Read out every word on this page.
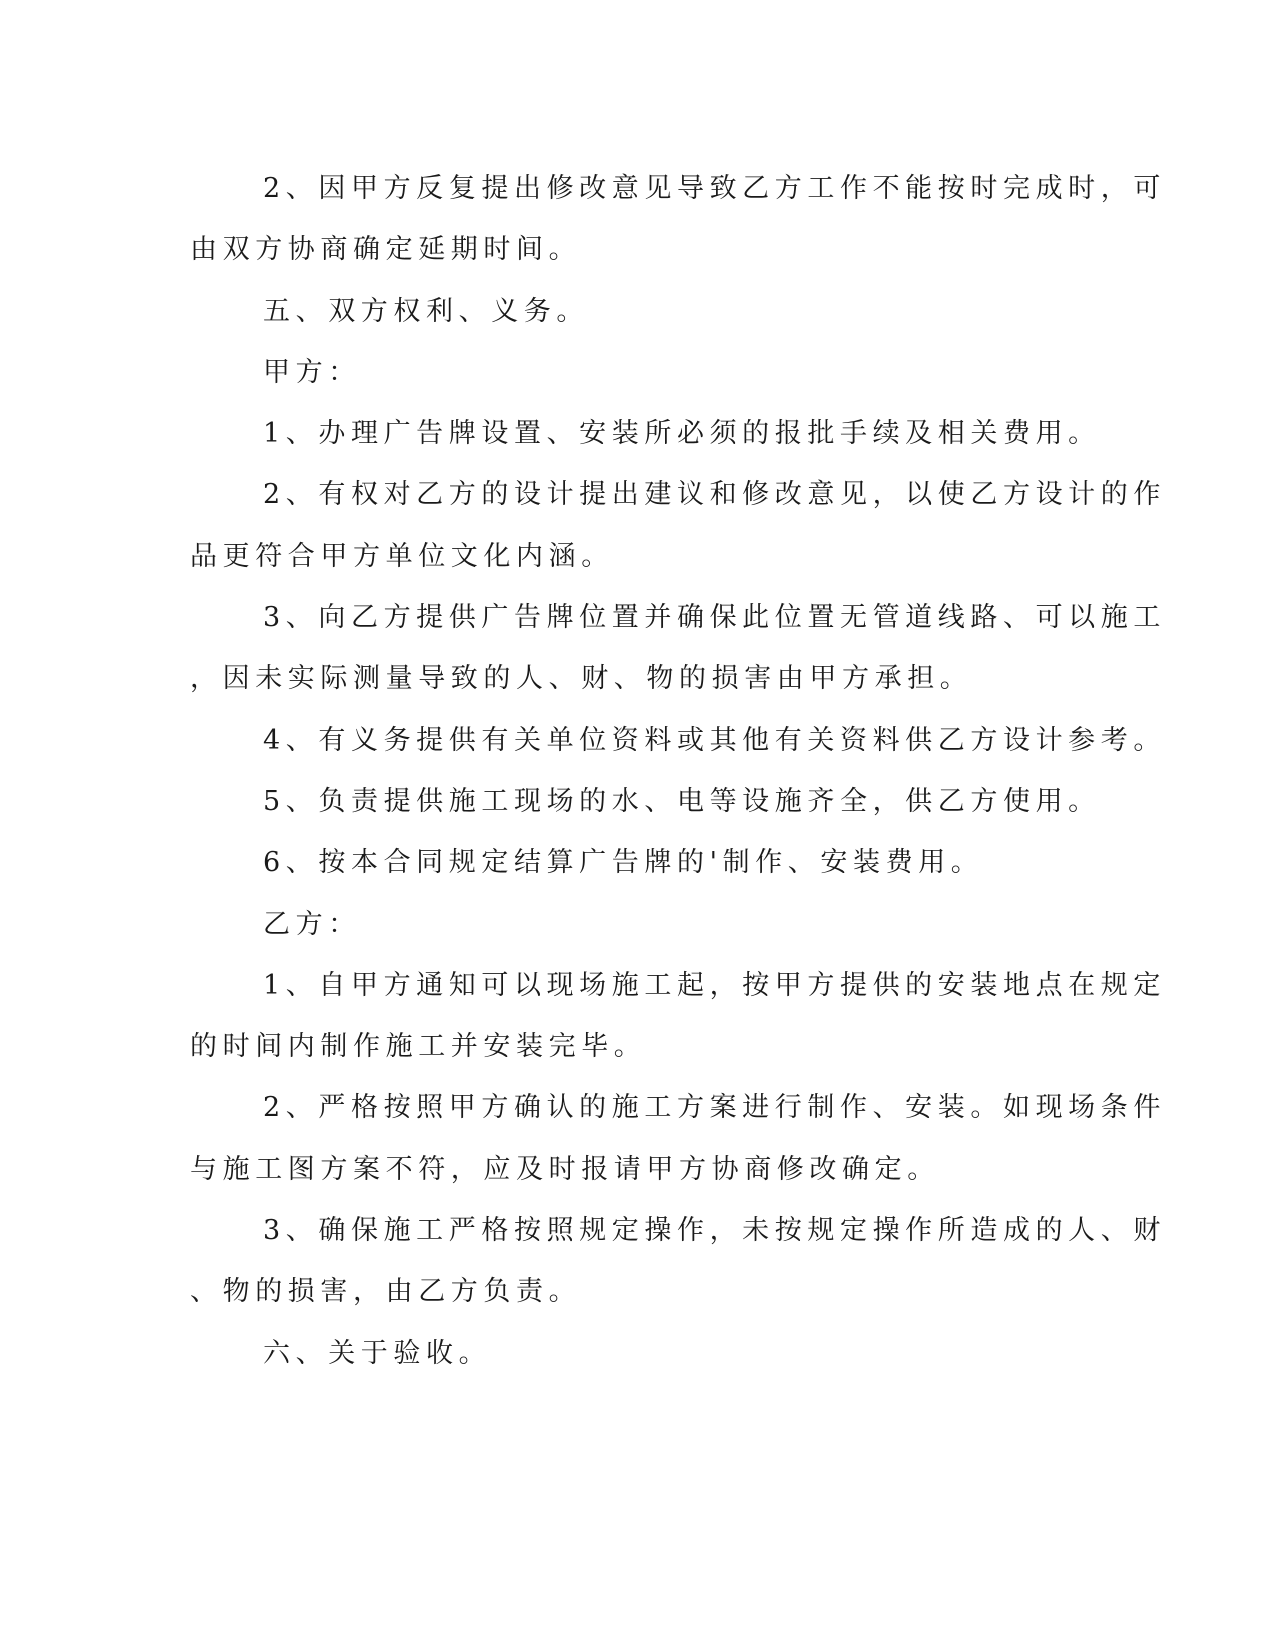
2、因甲方反复提出修改意见导致乙方工作不能按时完成时，可
由双方协商确定延期时间。
五、双方权利、义务。
甲方：
1、办理广告牌设置、安装所必须的报批手续及相关费用。
2、有权对乙方的设计提出建议和修改意见，以使乙方设计的作
品更符合甲方单位文化内涵。
3、向乙方提供广告牌位置并确保此位置无管道线路、可以施工
，因未实际测量导致的人、财、物的损害由甲方承担。
4、有义务提供有关单位资料或其他有关资料供乙方设计参考。
5、负责提供施工现场的水、电等设施齐全，供乙方使用。
6、按本合同规定结算广告牌的'制作、安装费用。
乙方：
1、自甲方通知可以现场施工起，按甲方提供的安装地点在规定
的时间内制作施工并安装完毕。
2、严格按照甲方确认的施工方案进行制作、安装。如现场条件
与施工图方案不符，应及时报请甲方协商修改确定。
3、确保施工严格按照规定操作，未按规定操作所造成的人、财
、物的损害，由乙方负责。
六、关于验收。
